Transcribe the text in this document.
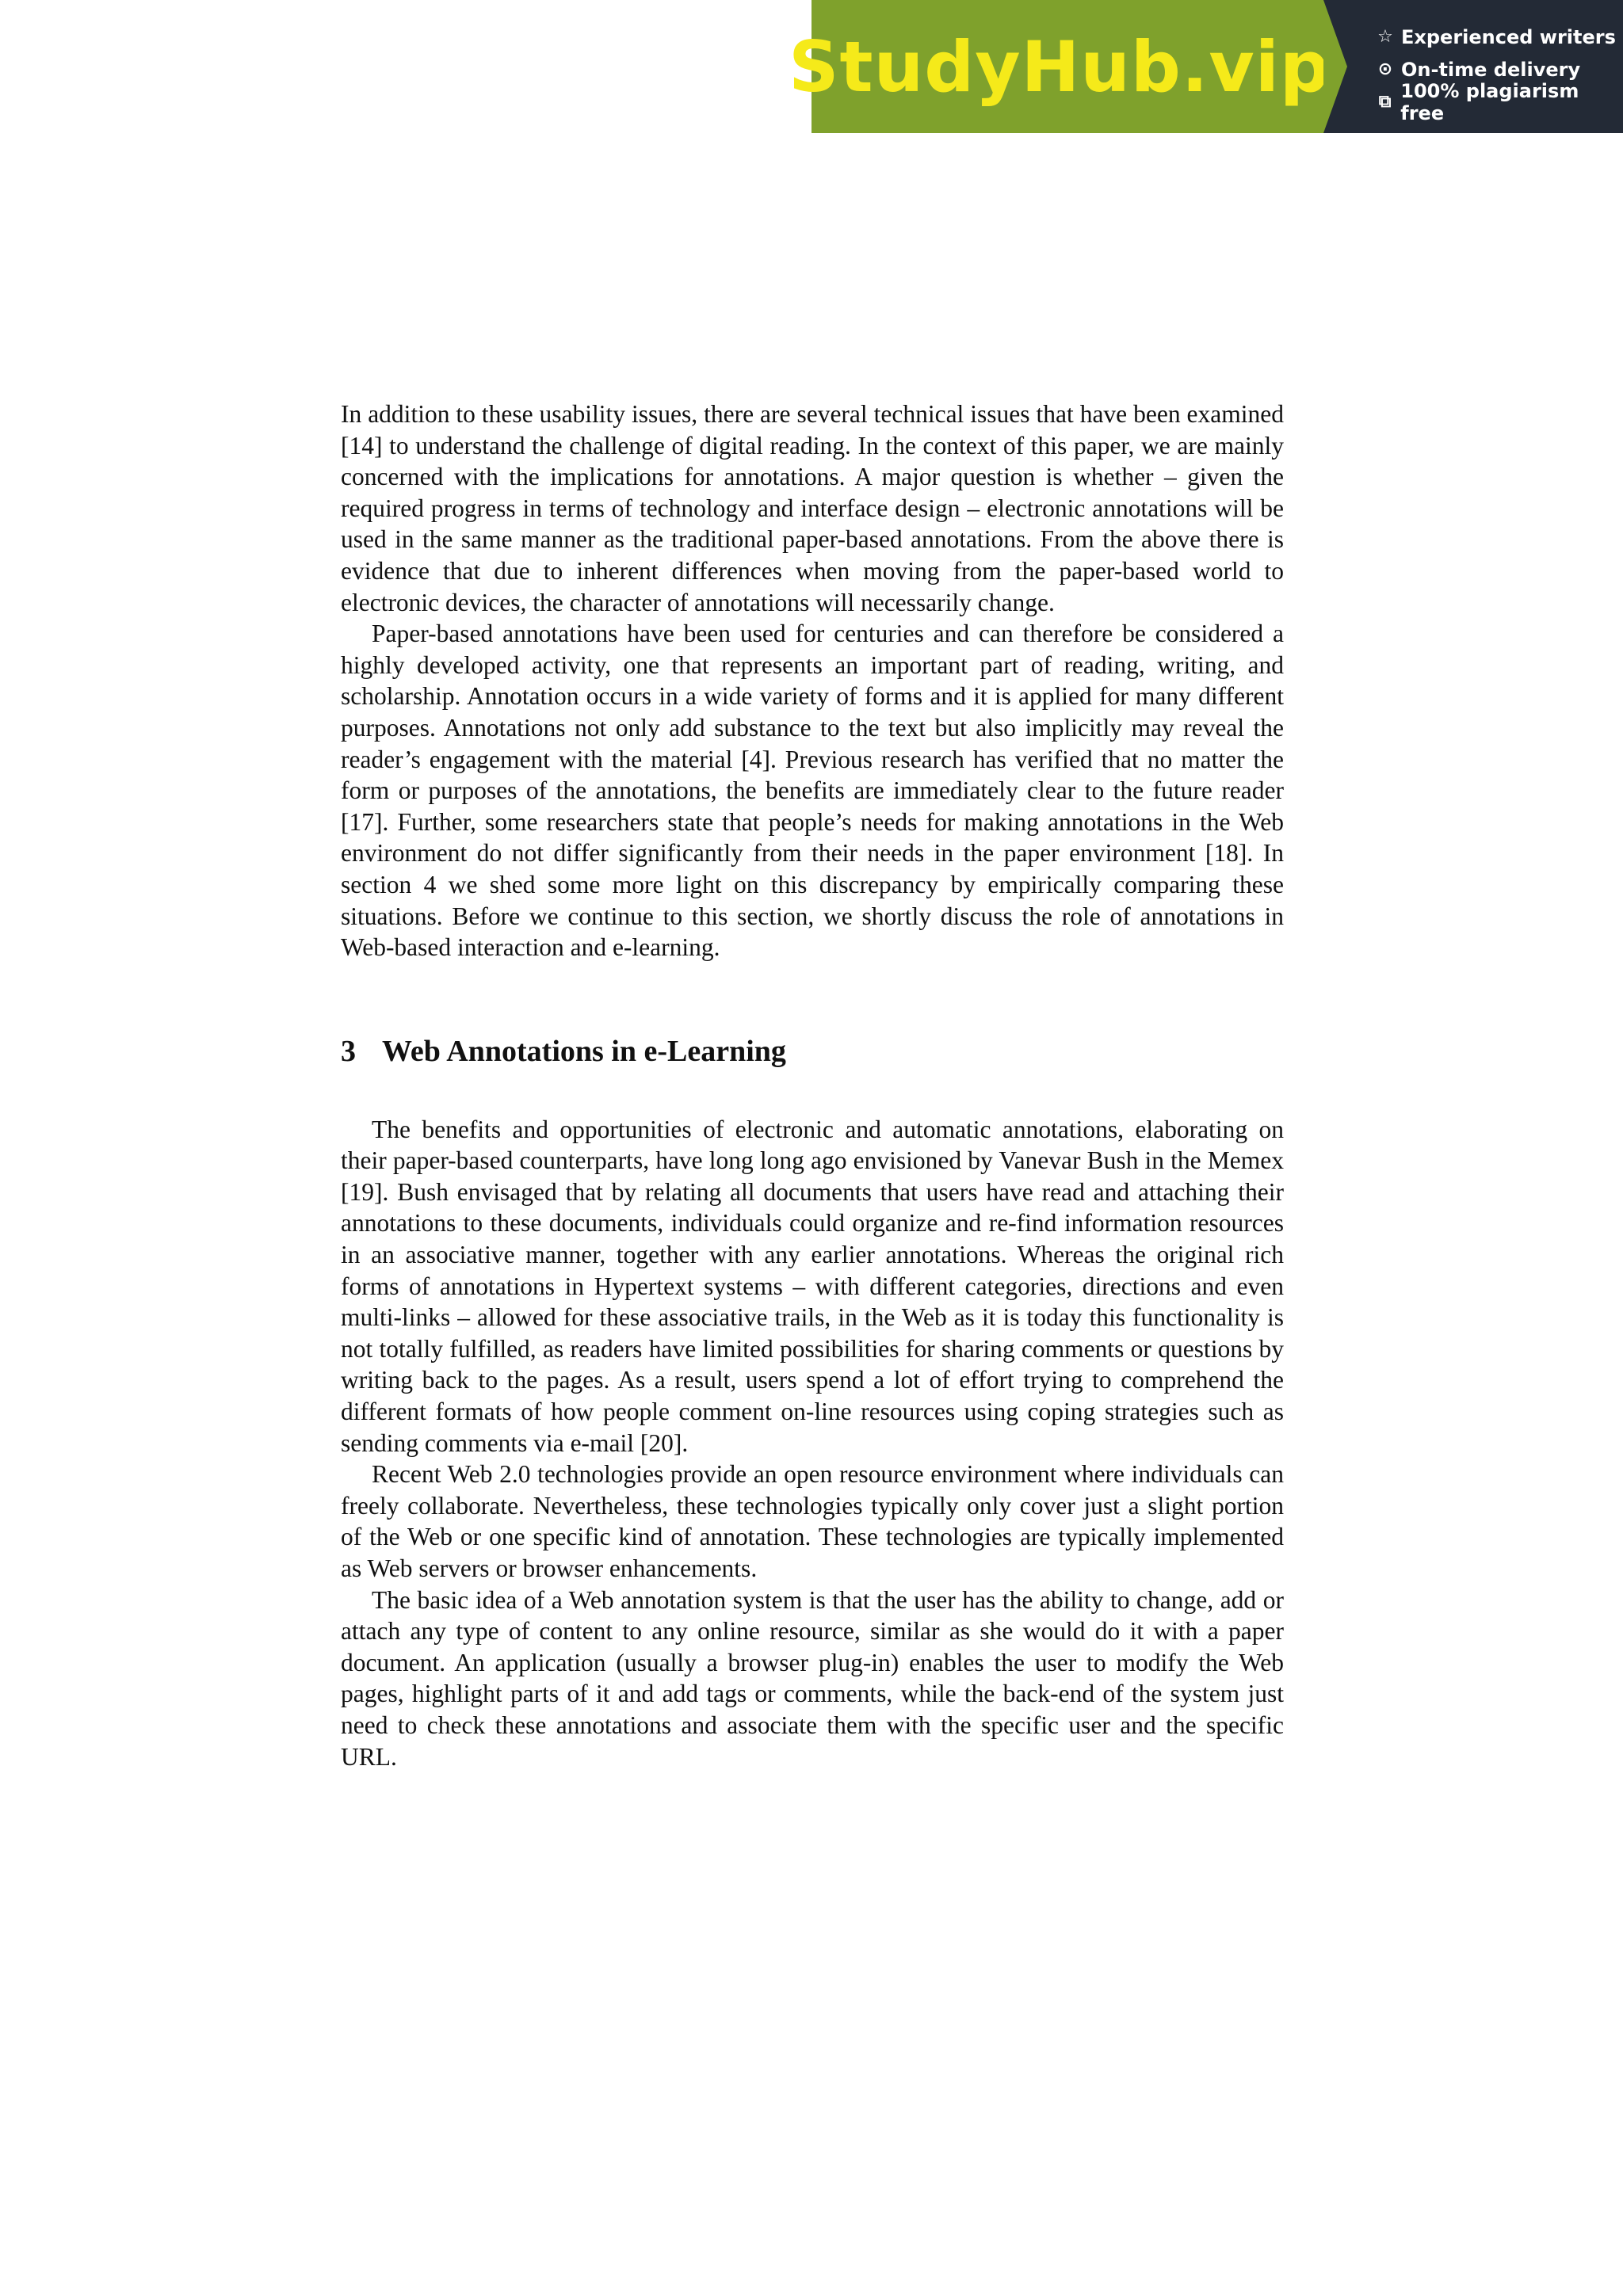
StudyHub.vip	☆ Experienced writers
⊙ On-time delivery
⧉ 100% plagiarism free

In addition to these usability issues, there are several technical issues that have been examined [14] to understand the challenge of digital reading. In the context of this paper, we are mainly concerned with the implications for annotations. A major question is whether – given the required progress in terms of technology and interface design – electronic annotations will be used in the same manner as the traditional paper-based annotations. From the above there is evidence that due to inherent differences when moving from the paper-based world to electronic devices, the character of annotations will necessarily change.

Paper-based annotations have been used for centuries and can therefore be considered a highly developed activity, one that represents an important part of reading, writing, and scholarship. Annotation occurs in a wide variety of forms and it is applied for many different purposes. Annotations not only add substance to the text but also implicitly may reveal the reader’s engagement with the material [4]. Previous research has verified that no matter the form or purposes of the annotations, the benefits are immediately clear to the future reader [17]. Further, some researchers state that people’s needs for making annotations in the Web environment do not differ significantly from their needs in the paper environment [18]. In section 4 we shed some more light on this discrepancy by empirically comparing these situations. Before we continue to this section, we shortly discuss the role of annotations in Web-based interaction and e-learning.

3 Web Annotations in e-Learning

The benefits and opportunities of electronic and automatic annotations, elaborating on their paper-based counterparts, have long long ago envisioned by Vanevar Bush in the Memex [19]. Bush envisaged that by relating all documents that users have read and attaching their annotations to these documents, individuals could organize and re-find information resources in an associative manner, together with any earlier annotations. Whereas the original rich forms of annotations in Hypertext systems – with different categories, directions and even multi-links – allowed for these associative trails, in the Web as it is today this functionality is not totally fulfilled, as readers have limited possibilities for sharing comments or questions by writing back to the pages. As a result, users spend a lot of effort trying to comprehend the different formats of how people comment on-line resources using coping strategies such as sending comments via e-mail [20].

Recent Web 2.0 technologies provide an open resource environment where individuals can freely collaborate. Nevertheless, these technologies typically only cover just a slight portion of the Web or one specific kind of annotation. These technologies are typically implemented as Web servers or browser enhancements.

The basic idea of a Web annotation system is that the user has the ability to change, add or attach any type of content to any online resource, similar as she would do it with a paper document. An application (usually a browser plug-in) enables the user to modify the Web pages, highlight parts of it and add tags or comments, while the back-end of the system just need to check these annotations and associate them with the specific user and the specific URL.
